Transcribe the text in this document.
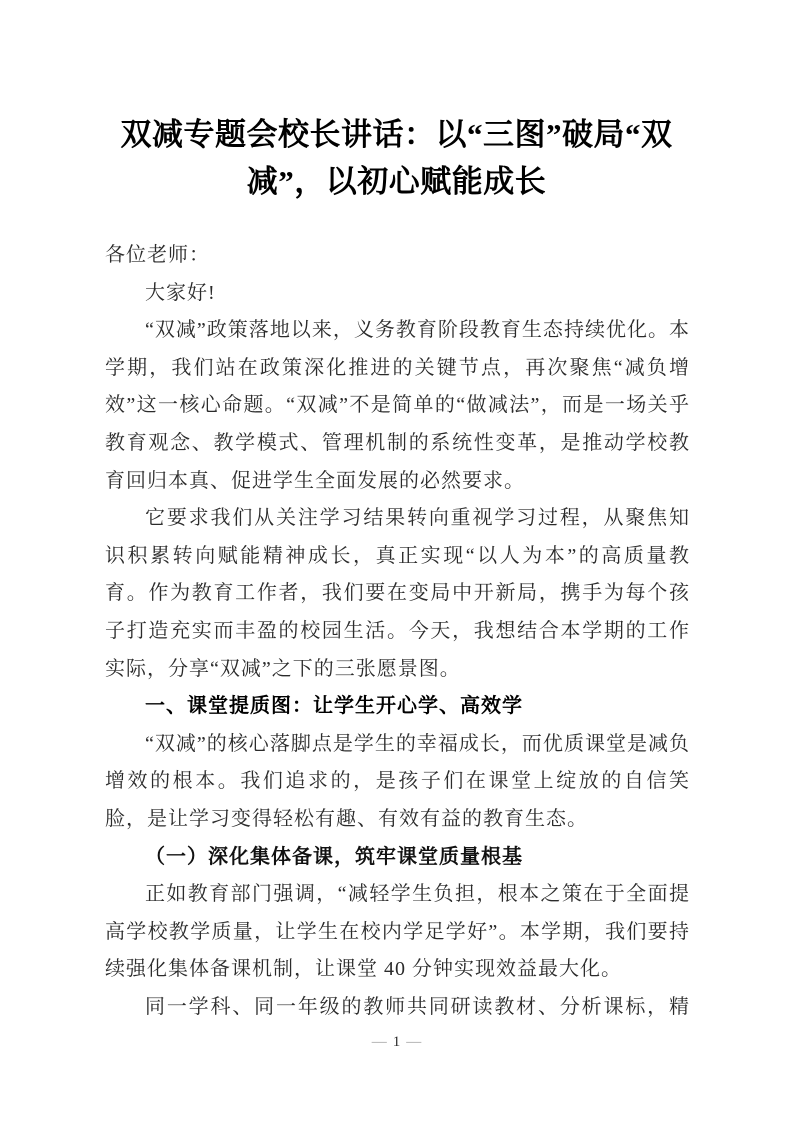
双减专题会校长讲话：以“三图”破局“双
减”，以初心赋能成长

各位老师：

大家好!

“双减”政策落地以来，义务教育阶段教育生态持续优化。本学期，我们站在政策深化推进的关键节点，再次聚焦“减负增效”这一核心命题。“双减”不是简单的“做减法”，而是一场关乎教育观念、教学模式、管理机制的系统性变革，是推动学校教育回归本真、促进学生全面发展的必然要求。

它要求我们从关注学习结果转向重视学习过程，从聚焦知识积累转向赋能精神成长，真正实现“以人为本”的高质量教育。作为教育工作者，我们要在变局中开新局，携手为每个孩子打造充实而丰盈的校园生活。今天，我想结合本学期的工作实际，分享“双减”之下的三张愿景图。

一、课堂提质图：让学生开心学、高效学

“双减”的核心落脚点是学生的幸福成长，而优质课堂是减负增效的根本。我们追求的，是孩子们在课堂上绽放的自信笑脸，是让学习变得轻松有趣、有效有益的教育生态。

（一）深化集体备课，筑牢课堂质量根基

正如教育部门强调，“减轻学生负担，根本之策在于全面提高学校教学质量，让学生在校内学足学好”。本学期，我们要持续强化集体备课机制，让课堂 40 分钟实现效益最大化。

同一学科、同一年级的教师共同研读教材、分析课标，精

— 1 —
